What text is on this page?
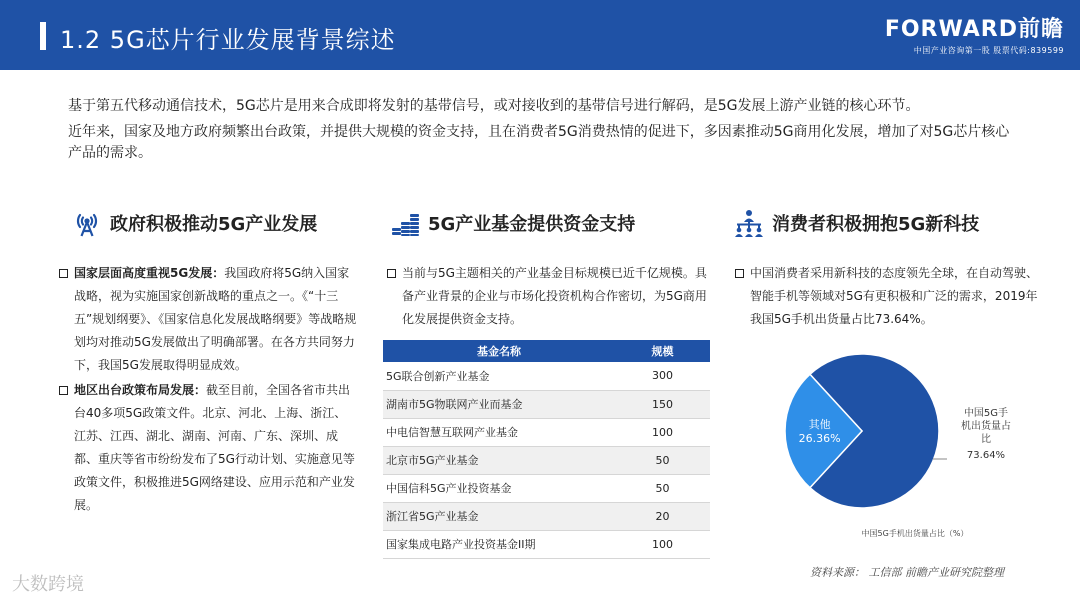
1.2 5G芯片行业发展背景综述	FORWARD前瞻
中国产业咨询第一股 股票代码:839599

基于第五代移动通信技术，5G芯片是用来合成即将发射的基带信号，或对接收到的基带信号进行解码，是5G发展上游产业链的核心环节。

近年来，国家及地方政府频繁出台政策，并提供大规模的资金支持，且在消费者5G消费热情的促进下，多因素推动5G商用化发展，增加了对5G芯片核心产品的需求。

政府积极推动5G产业发展	5G产业基金提供资金支持	消费者积极拥抱5G新科技
国家层面高度重视5G发展：我国政府将5G纳入国家战略，视为实施国家创新战略的重点之一。《“十三五”规划纲要》、《国家信息化发展战略纲要》等战略规划均对推动5G发展做出了明确部署。在各方共同努力下，我国5G发展取得明显成效。
地区出台政策布局发展：截至目前，全国各省市共出台40多项5G政策文件。北京、河北、上海、浙江、江苏、江西、湖北、湖南、河南、广东、深圳、成都、重庆等省市纷纷发布了5G行动计划、实施意见等政策文件，积极推进5G网络建设、应用示范和产业发展。
当前与5G主题相关的产业基金目标规模已近千亿规模。具备产业背景的企业与市场化投资机构合作密切，为5G商用化发展提供资金支持。
基金名称	规模
5G联合创新产业基金	300
湖南市5G物联网产业而基金	150
中电信智慧互联网产业基金	100
北京市5G产业基金	50
中国信科5G产业投资基金	50
浙江省5G产业基金	20
国家集成电路产业投资基金II期	100
中国消费者采用新科技的态度领先全球，在自动驾驶、智能手机等领域对5G有更积极和广泛的需求，2019年我国5G手机出货量占比73.64%。
其他
26.36%
中国5G手
机出货量占
比
73.64%
中国5G手机出货量占比（%）
资料来源： 工信部 前瞻产业研究院整理
大数跨境
